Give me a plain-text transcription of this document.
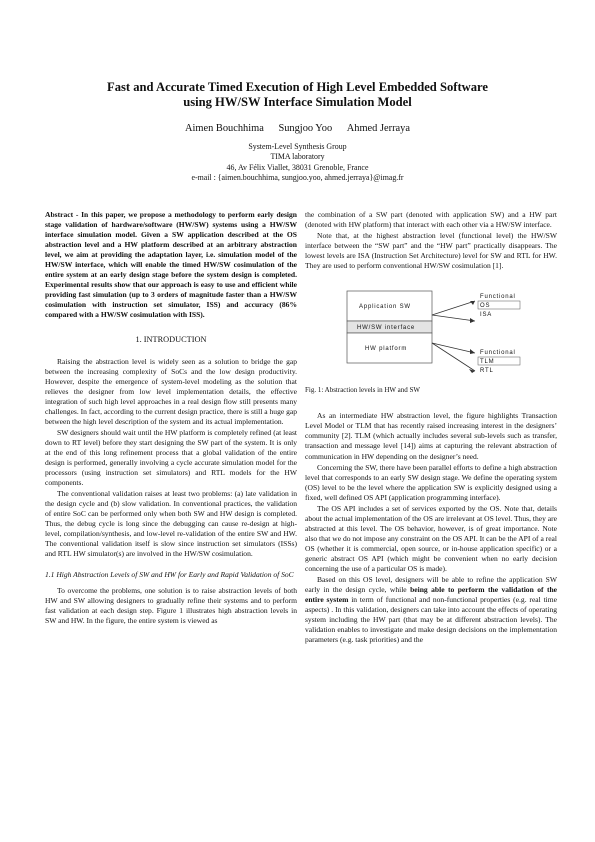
Fast and Accurate Timed Execution of High Level Embedded Software
using HW/SW Interface Simulation Model
Aimen Bouchhima Sungjoo Yoo Ahmed Jerraya
System-Level Synthesis Group
TIMA laboratory
46, Av Félix Viallet, 38031 Grenoble, France
e-mail : {aimen.bouchhima, sungjoo.yoo, ahmed.jerraya}@imag.fr

Abstract - In this paper, we propose a methodology to perform early design stage validation of hardware/software (HW/SW) systems using a HW/SW interface simulation model. Given a SW application described at the OS abstraction level and a HW platform described at an arbitrary abstraction level, we aim at providing the adaptation layer, i.e. simulation model of the HW/SW interface, which will enable the timed HW/SW cosimulation of the entire system at an early design stage before the system design is completed. Experimental results show that our approach is easy to use and efficient while providing fast simulation (up to 3 orders of magnitude faster than a HW/SW cosimulation with instruction set simulator, ISS) and accuracy (86% compared with a HW/SW cosimulation with ISS).

1. INTRODUCTION

Raising the abstraction level is widely seen as a solution to bridge the gap between the increasing complexity of SoCs and the low design productivity. However, despite the emergence of system-level modeling as the solution that relieves the designer from low level implementation details, the effective integration of such high level approaches in a real design flow still presents many challenges. In fact, according to the current design practice, there is still a huge gap between the high level description of the system and its actual implementation.

SW designers should wait until the HW platform is completely refined (at least down to RT level) before they start designing the SW part of the system. It is only at the end of this long refinement process that a global validation of the entire design is performed, generally involving a cycle accurate simulation model for the processors (using instruction set simulators) and RTL models for the HW components.

The conventional validation raises at least two problems: (a) late validation in the design cycle and (b) slow validation. In conventional practices, the validation of entire SoC can be performed only when both SW and HW design is completed. Thus, the debug cycle is long since the debugging can cause re-design at high-level, compilation/synthesis, and low-level re-validation of the entire SW and HW. The conventional validation itself is slow since instruction set simulators (ISSs) and RTL HW simulator(s) are involved in the HW/SW cosimulation.

1.1 High Abstraction Levels of SW and HW for Early and Rapid Validation of SoC

To overcome the problems, one solution is to raise abstraction levels of both HW and SW allowing designers to gradually refine their systems and to perform fast validation at each design step. Figure 1 illustrates high abstraction levels in SW and HW. In the figure, the entire system is viewed as

the combination of a SW part (denoted with application SW) and a HW part (denoted with HW platform) that interact with each other via a HW/SW interface.

Note that, at the highest abstraction level (functional level) the HW/SW interface between the “SW part” and the “HW part” practically disappears. The lowest levels are ISA (Instruction Set Architecture) level for SW and RTL for HW. They are used to perform conventional HW/SW cosimulation [1].

Application SW
HW/SW interface
HW platform
Functional
OS
ISA
Functional
TLM
RTL
Fig. 1: Abstraction levels in HW and SW

As an intermediate HW abstraction level, the figure highlights Transaction Level Model or TLM that has recently raised increasing interest in the designers’ community [2]. TLM (which actually includes several sub-levels such as transfer, transaction and message level [14]) aims at capturing the relevant abstraction of communication in HW depending on the designer’s need.

Concerning the SW, there have been parallel efforts to define a high abstraction level that corresponds to an early SW design stage. We define the operating system (OS) level to be the level where the application SW is explicitly designed using a fixed, well defined OS API (application programming interface).

The OS API includes a set of services exported by the OS. Note that, details about the actual implementation of the OS are irrelevant at OS level. Thus, they are abstracted at this level. The OS behavior, however, is of great importance. Note also that we do not impose any constraint on the OS API. It can be the API of a real OS (whether it is commercial, open source, or in-house application specific) or a generic abstract OS API (which might be convenient when no early decision concerning the use of a particular OS is made).

Based on this OS level, designers will be able to refine the application SW early in the design cycle, while being able to perform the validation of the entire system in term of functional and non-functional properties (e.g. real time aspects) . In this validation, designers can take into account the effects of operating system including the HW part (that may be at different abstraction levels). The validation enables to investigate and make design decisions on the implementation parameters (e.g. task priorities) and the
